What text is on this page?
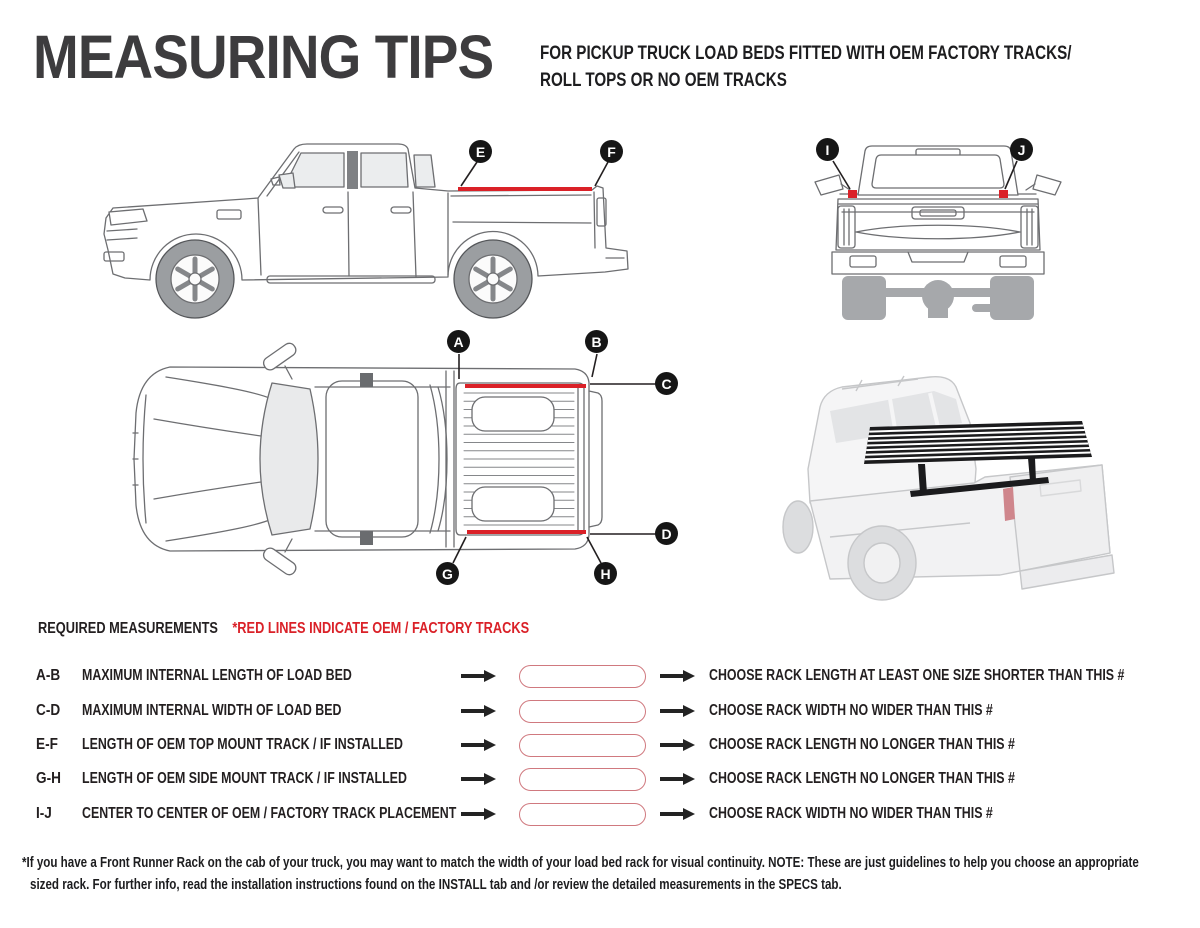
MEASURING TIPS	FOR PICKUP TRUCK LOAD BEDS FITTED WITH OEM FACTORY TRACKS/
ROLL TOPS OR NO OEM TRACKS
A	B
C
D
E	F
G	H
I	J
REQUIRED MEASUREMENTS *RED LINES INDICATE OEM / FACTORY TRACKS
A-B MAXIMUM INTERNAL LENGTH OF LOAD BED	CHOOSE RACK LENGTH AT LEAST ONE SIZE SHORTER THAN THIS #
C-D MAXIMUM INTERNAL WIDTH OF LOAD BED	CHOOSE RACK WIDTH NO WIDER THAN THIS #
E-F LENGTH OF OEM TOP MOUNT TRACK / IF INSTALLED	CHOOSE RACK LENGTH NO LONGER THAN THIS #
G-H LENGTH OF OEM SIDE MOUNT TRACK / IF INSTALLED	CHOOSE RACK LENGTH NO LONGER THAN THIS #
I-J CENTER TO CENTER OF OEM / FACTORY TRACK PLACEMENT	CHOOSE RACK WIDTH NO WIDER THAN THIS #
*If you have a Front Runner Rack on the cab of your truck, you may want to match the width of your load bed rack for visual continuity. NOTE: These are just guidelines to help you choose an appropriate
sized rack. For further info, read the installation instructions found on the INSTALL tab and /or review the detailed measurements in the SPECS tab.
